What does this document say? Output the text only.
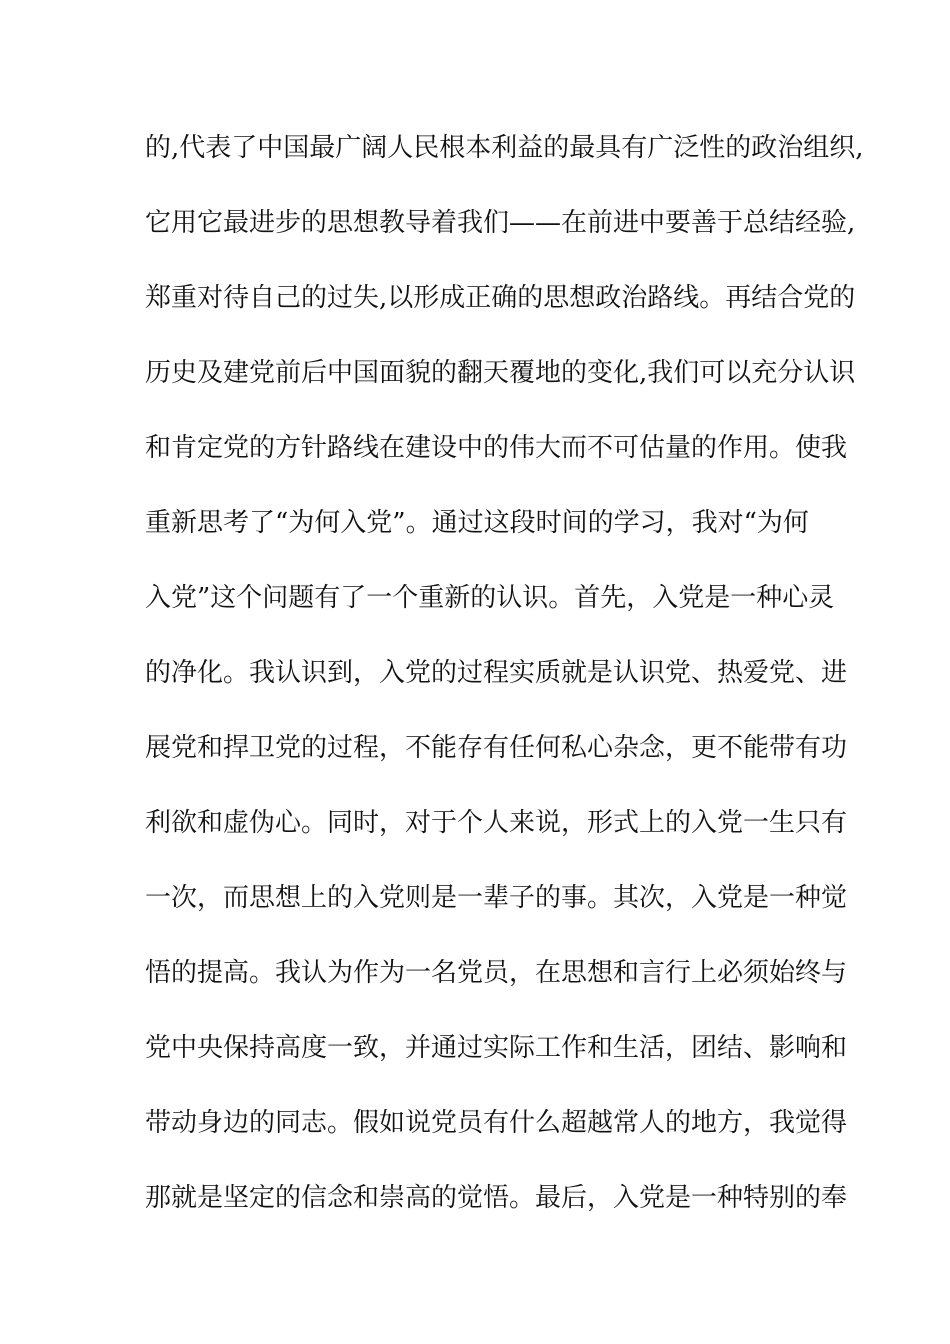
的,代表了中国最广阔人民根本利益的最具有广泛性的政治组织,
它用它最进步的思想教导着我们——在前进中要善于总结经验,
郑重对待自己的过失,以形成正确的思想政治路线。再结合党的
历史及建党前后中国面貌的翻天覆地的变化,我们可以充分认识
和肯定党的方针路线在建设中的伟大而不可估量的作用。使我
重新思考了“为何入党”。通过这段时间的学习，我对“为何
入党”这个问题有了一个重新的认识。首先，入党是一种心灵
的净化。我认识到，入党的过程实质就是认识党、热爱党、进
展党和捍卫党的过程，不能存有任何私心杂念，更不能带有功
利欲和虚伪心。同时，对于个人来说，形式上的入党一生只有
一次，而思想上的入党则是一辈子的事。其次，入党是一种觉
悟的提高。我认为作为一名党员，在思想和言行上必须始终与
党中央保持高度一致，并通过实际工作和生活，团结、影响和
带动身边的同志。假如说党员有什么超越常人的地方，我觉得
那就是坚定的信念和崇高的觉悟。最后，入党是一种特别的奉
